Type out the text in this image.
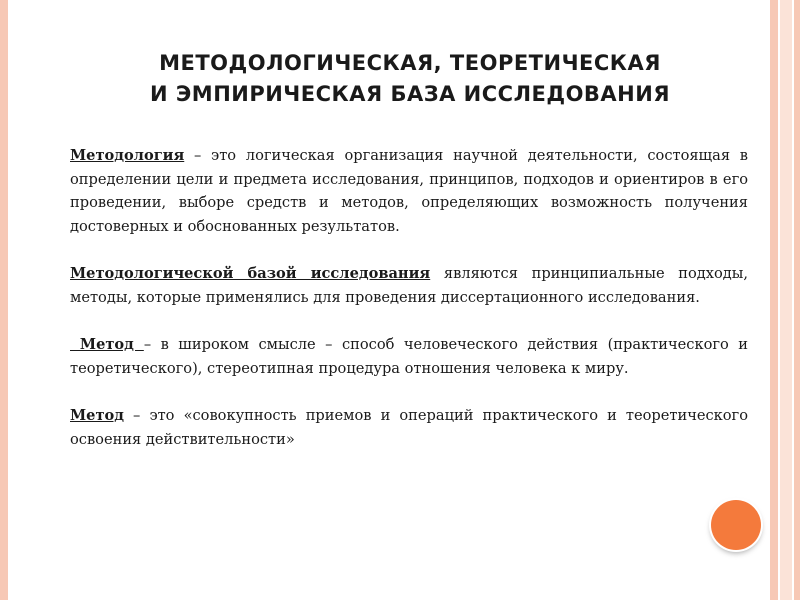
МЕТОДОЛОГИЧЕСКАЯ, ТЕОРЕТИЧЕСКАЯ
И ЭМПИРИЧЕСКАЯ БАЗА ИССЛЕДОВАНИЯ

Методология – это логическая организация научной деятельности, состоящая в определении цели и предмета исследования, принципов, подходов и ориентиров в его проведении, выборе средств и методов, определяющих возможность получения достоверных и обоснованных результатов.

Методологической базой исследования являются принципиальные подходы, методы, которые применялись для проведения диссертационного исследования.

Метод – в широком смысле – способ человеческого действия (практического и теоретического), стереотипная процедура отношения человека к миру.

Метод – это «совокупность приемов и операций практического и теоретического освоения действительности»
